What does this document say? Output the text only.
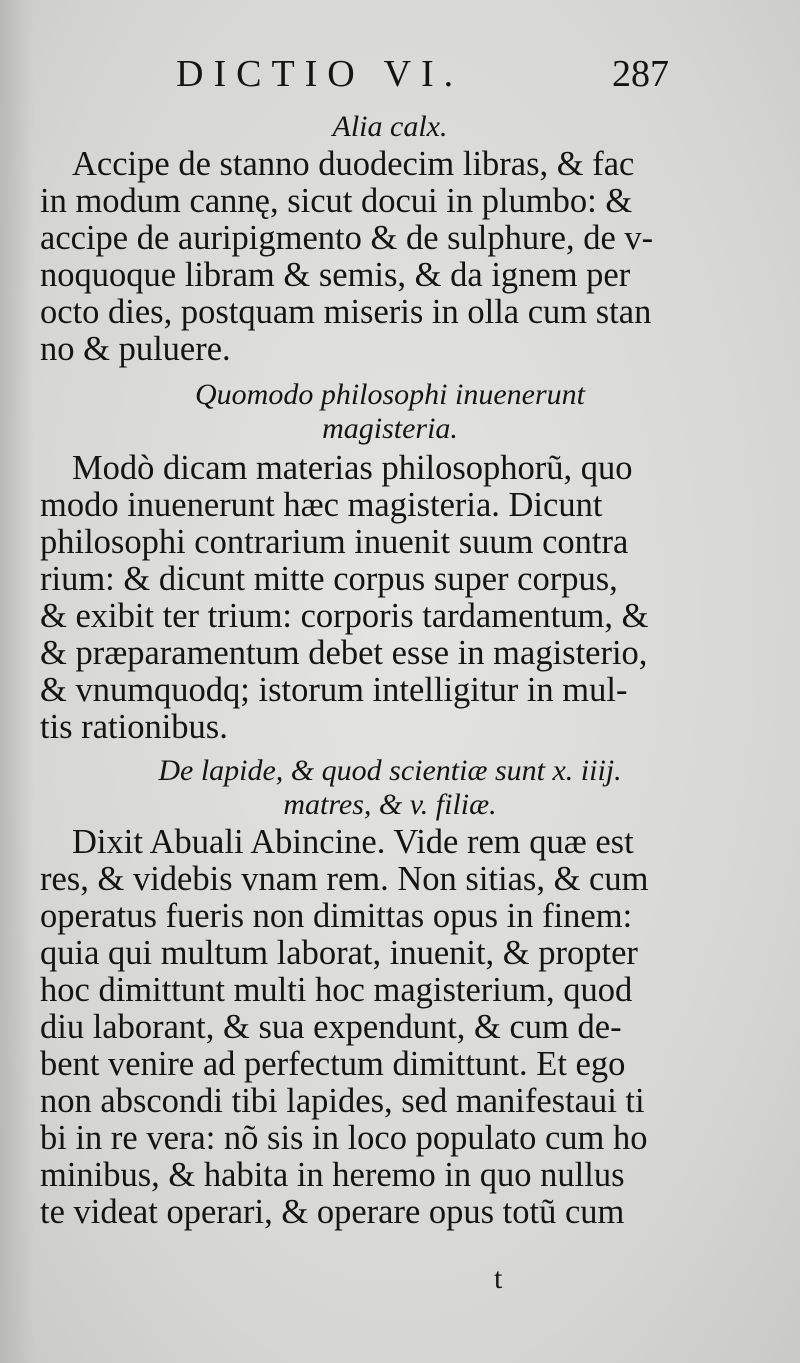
DICTIO VI.	287
Alia calx.
Accipe de stanno duodecim libras, & fac
in modum cannę, sicut docui in plumbo: &
accipe de auripigmento & de sulphure, de v-
noquoque libram & semis, & da ignem per
octo dies, postquam miseris in olla cum stan
no & puluere.
Quomodo philosophi inuenerunt
magisteria.
Modò dicam materias philosophorũ, quo
modo inuenerunt hæc magisteria. Dicunt
philosophi contrarium inuenit suum contra
rium: & dicunt mitte corpus super corpus,
& exibit ter trium: corporis tardamentum, &
& præparamentum debet esse in magisterio,
& vnumquodq; istorum intelligitur in mul-
tis rationibus.
De lapide, & quod scientiæ sunt x. iiij.
matres, & v. filiæ.
Dixit Abuali Abincine. Vide rem quæ est
res, & videbis vnam rem. Non sitias, & cum
operatus fueris non dimittas opus in finem:
quia qui multum laborat, inuenit, & propter
hoc dimittunt multi hoc magisterium, quod
diu laborant, & sua expendunt, & cum de-
bent venire ad perfectum dimittunt. Et ego
non abscondi tibi lapides, sed manifestaui ti
bi in re vera: nõ sis in loco populato cum ho
minibus, & habita in heremo in quo nullus
te videat operari, & operare opus totũ cum
t
